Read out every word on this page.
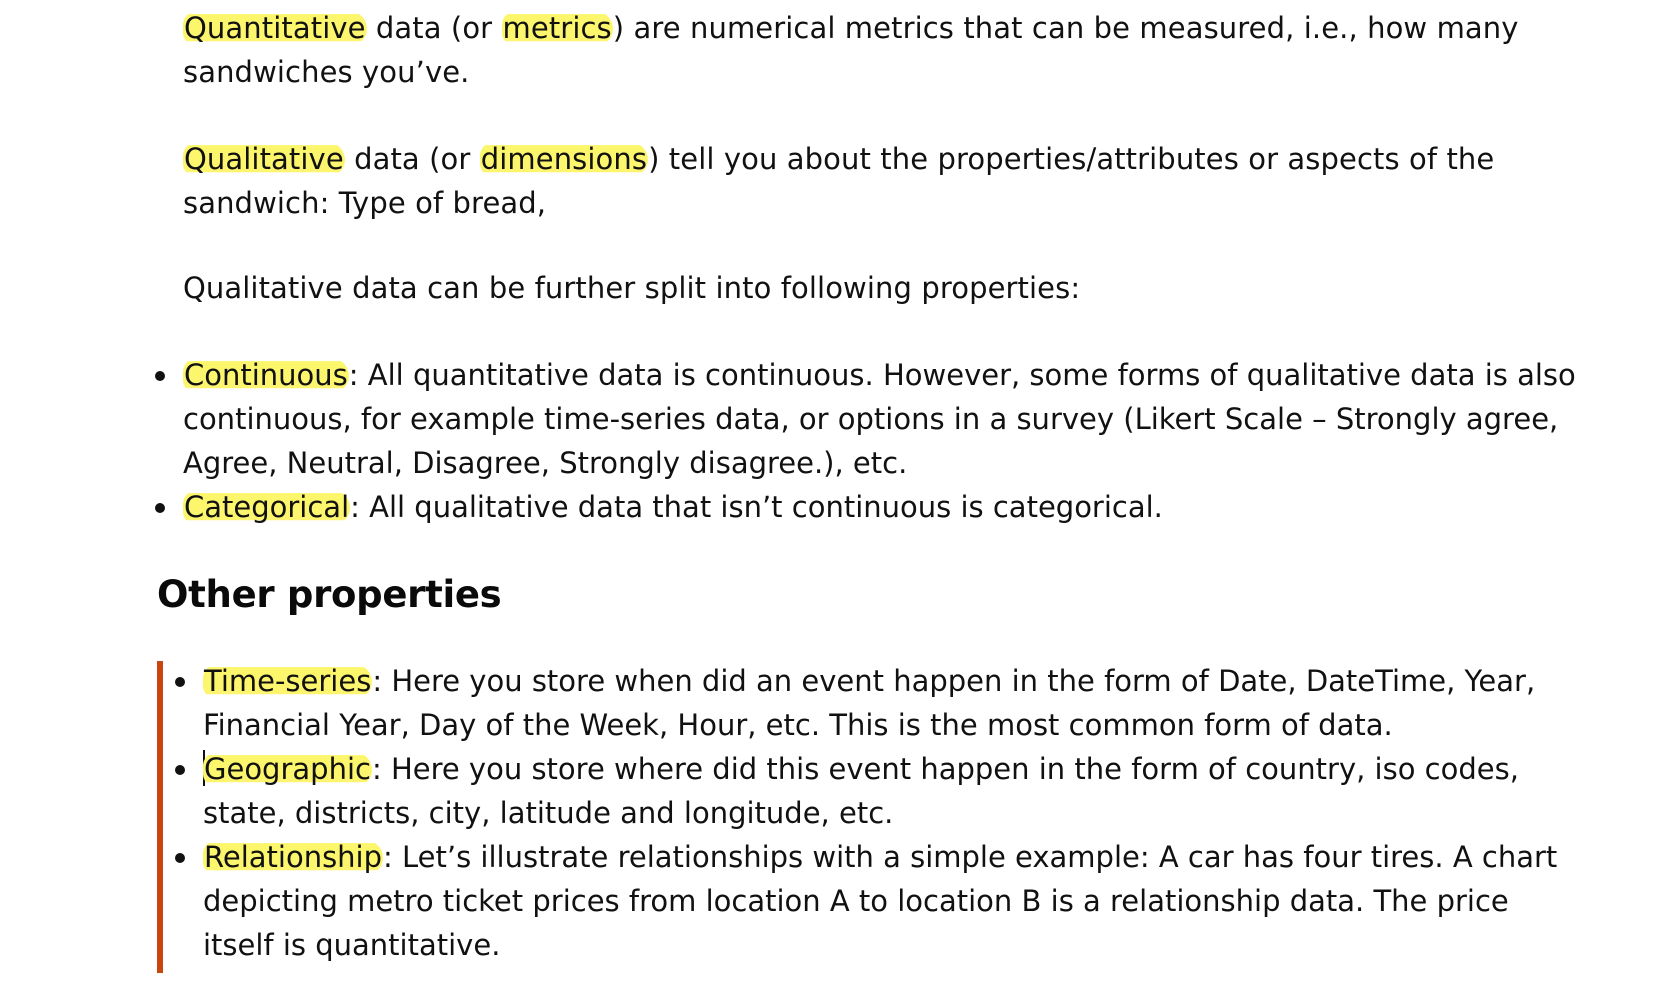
Quantitative data (or metrics) are numerical metrics that can be measured, i.e., how many sandwiches you’ve.

Qualitative data (or dimensions) tell you about the properties/attributes or aspects of the sandwich: Type of bread,

Qualitative data can be further split into following properties:

Continuous: All quantitative data is continuous. However, some forms of qualitative data is also continuous, for example time-series data, or options in a survey (Likert Scale – Strongly agree, Agree, Neutral, Disagree, Strongly disagree.), etc.
Categorical: All qualitative data that isn’t continuous is categorical.
Other properties
Time-series: Here you store when did an event happen in the form of Date, DateTime, Year, Financial Year, Day of the Week, Hour, etc. This is the most common form of data.
Geographic: Here you store where did this event happen in the form of country, iso codes, state, districts, city, latitude and longitude, etc.
Relationship: Let’s illustrate relationships with a simple example: A car has four tires. A chart depicting metro ticket prices from location A to location B is a relationship data. The price itself is quantitative.
